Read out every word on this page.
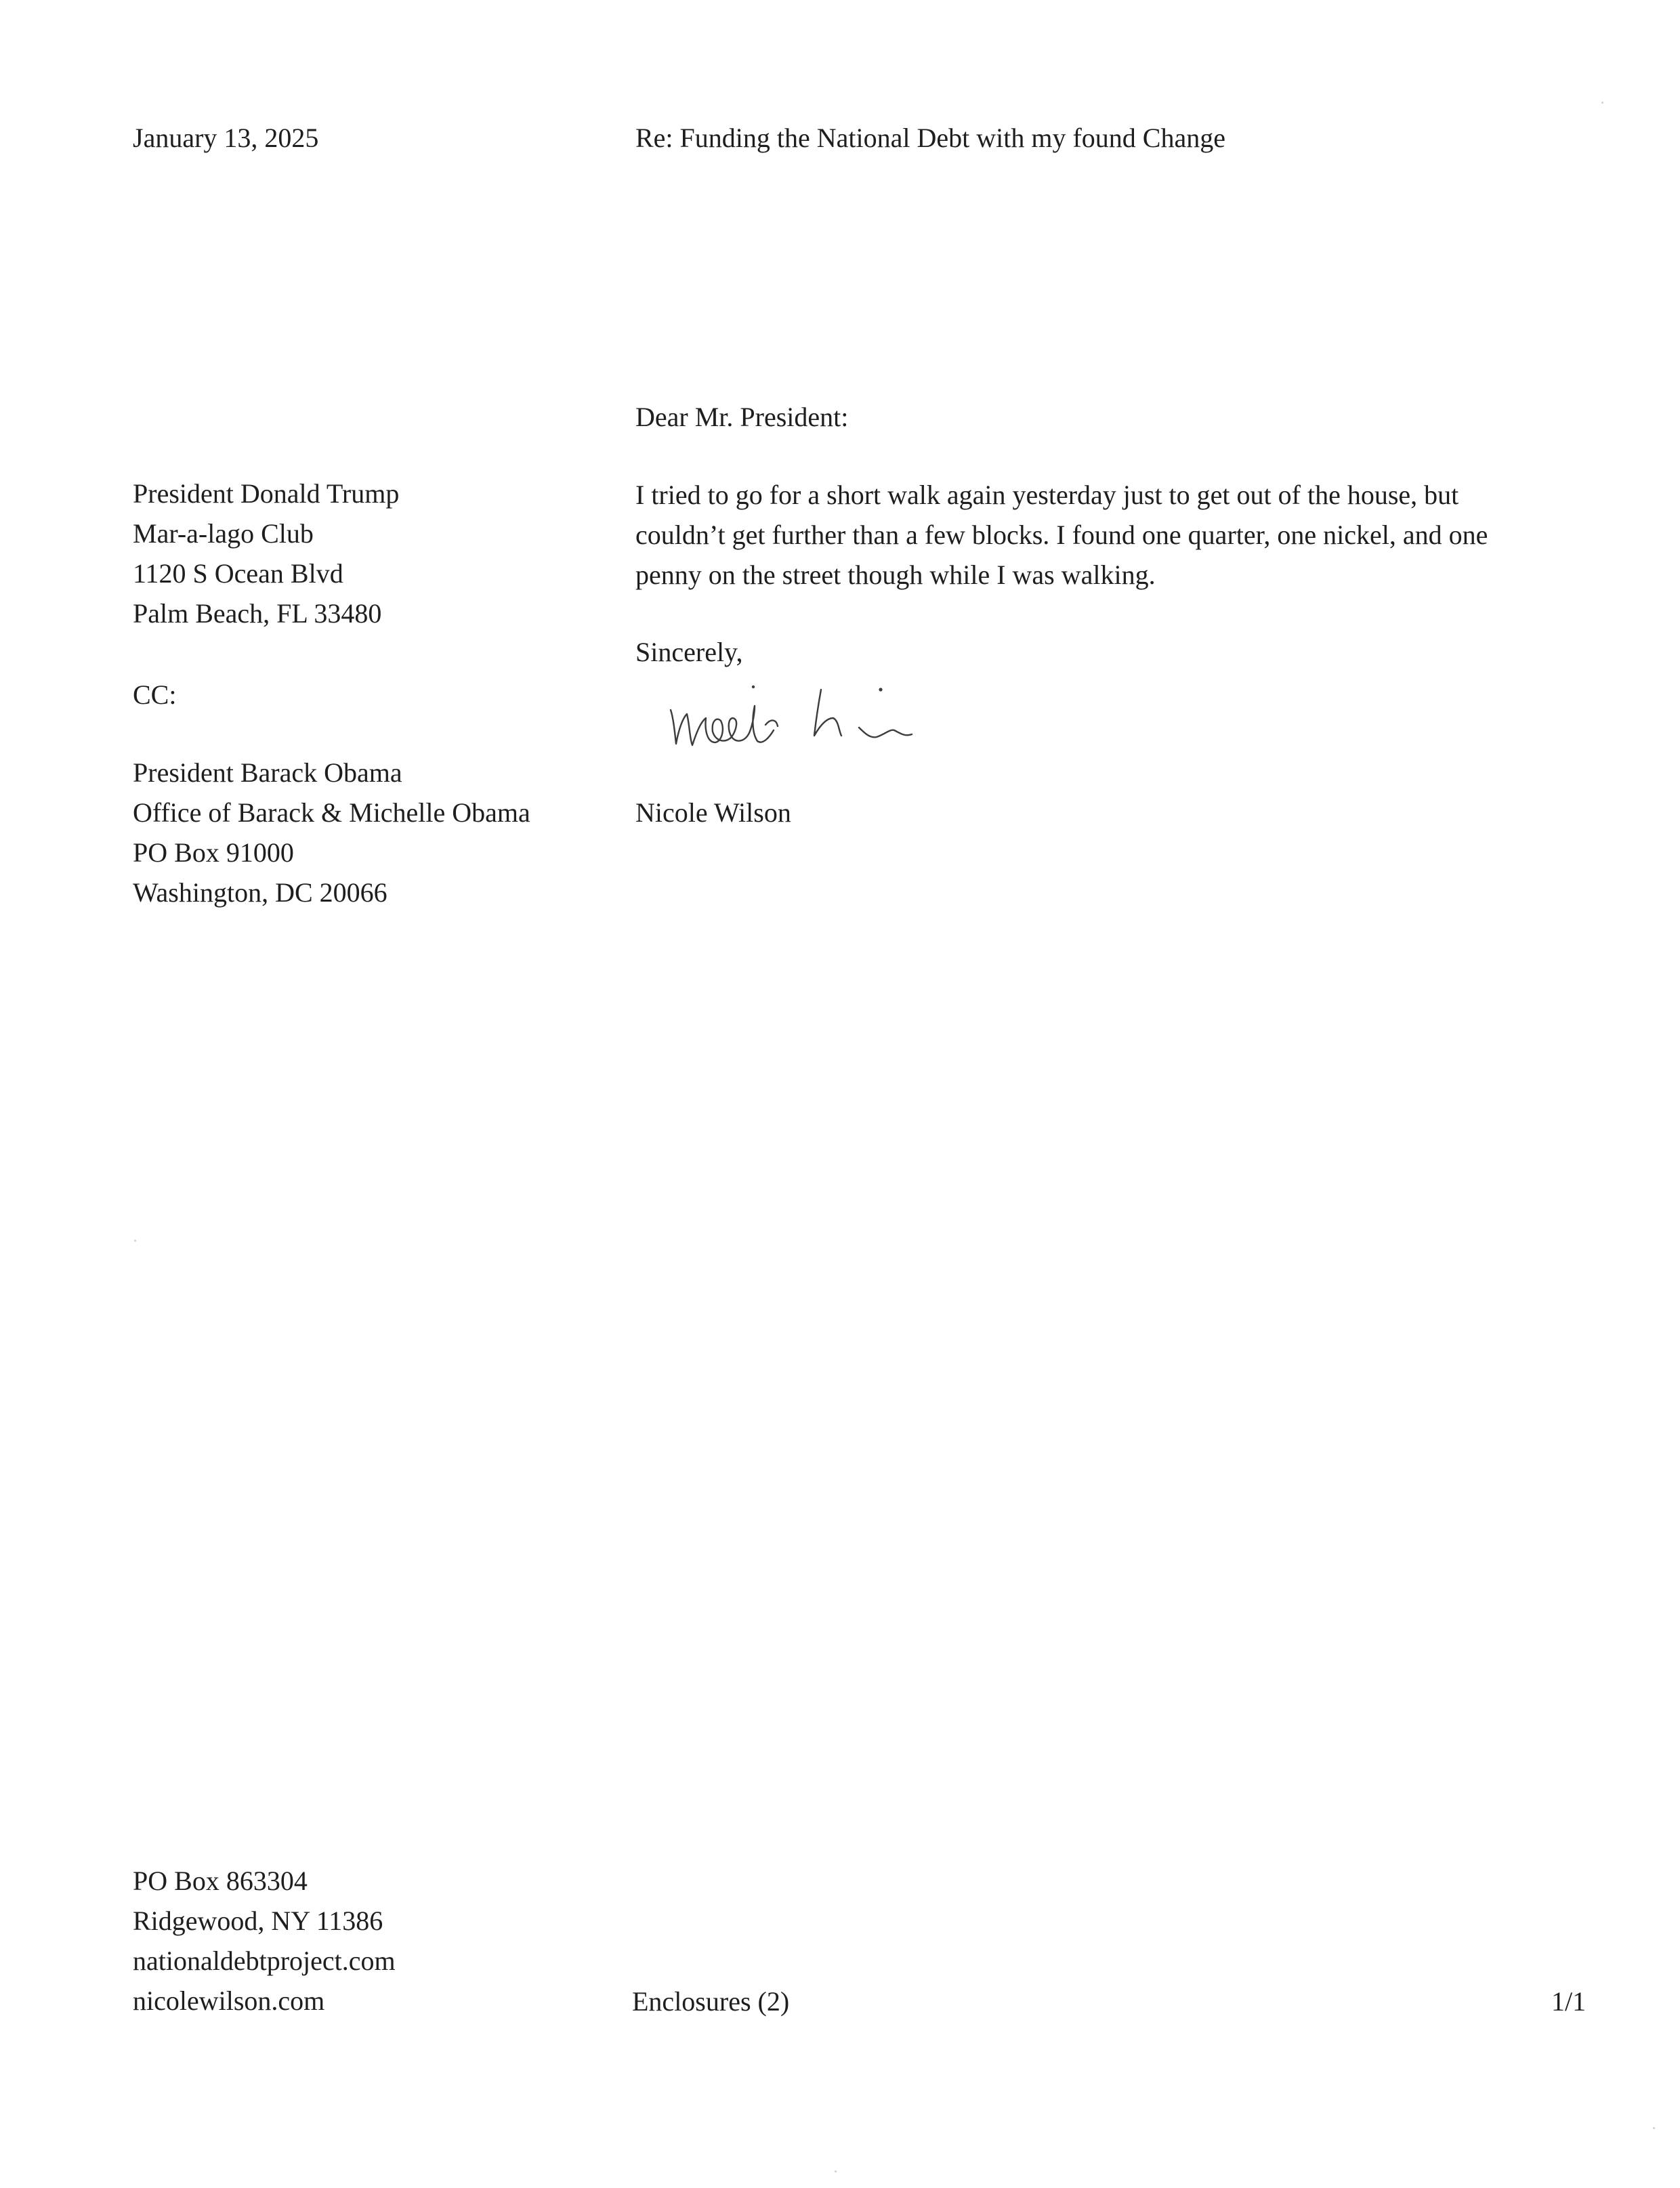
January 13, 2025	Re: Funding the National Debt with my found Change
Dear Mr. President:
President Donald Trump
Mar-a-lago Club
1120 S Ocean Blvd
Palm Beach, FL 33480
I tried to go for a short walk again yesterday just to get out of the house, but
couldn’t get further than a few blocks. I found one quarter, one nickel, and one
penny on the street though while I was walking.
Sincerely,
CC:
President Barack Obama
Office of Barack & Michelle Obama
PO Box 91000
Washington, DC 20066
Nicole Wilson
PO Box 863304
Ridgewood, NY 11386
nationaldebtproject.com
nicolewilson.com	Enclosures (2)	1/1
